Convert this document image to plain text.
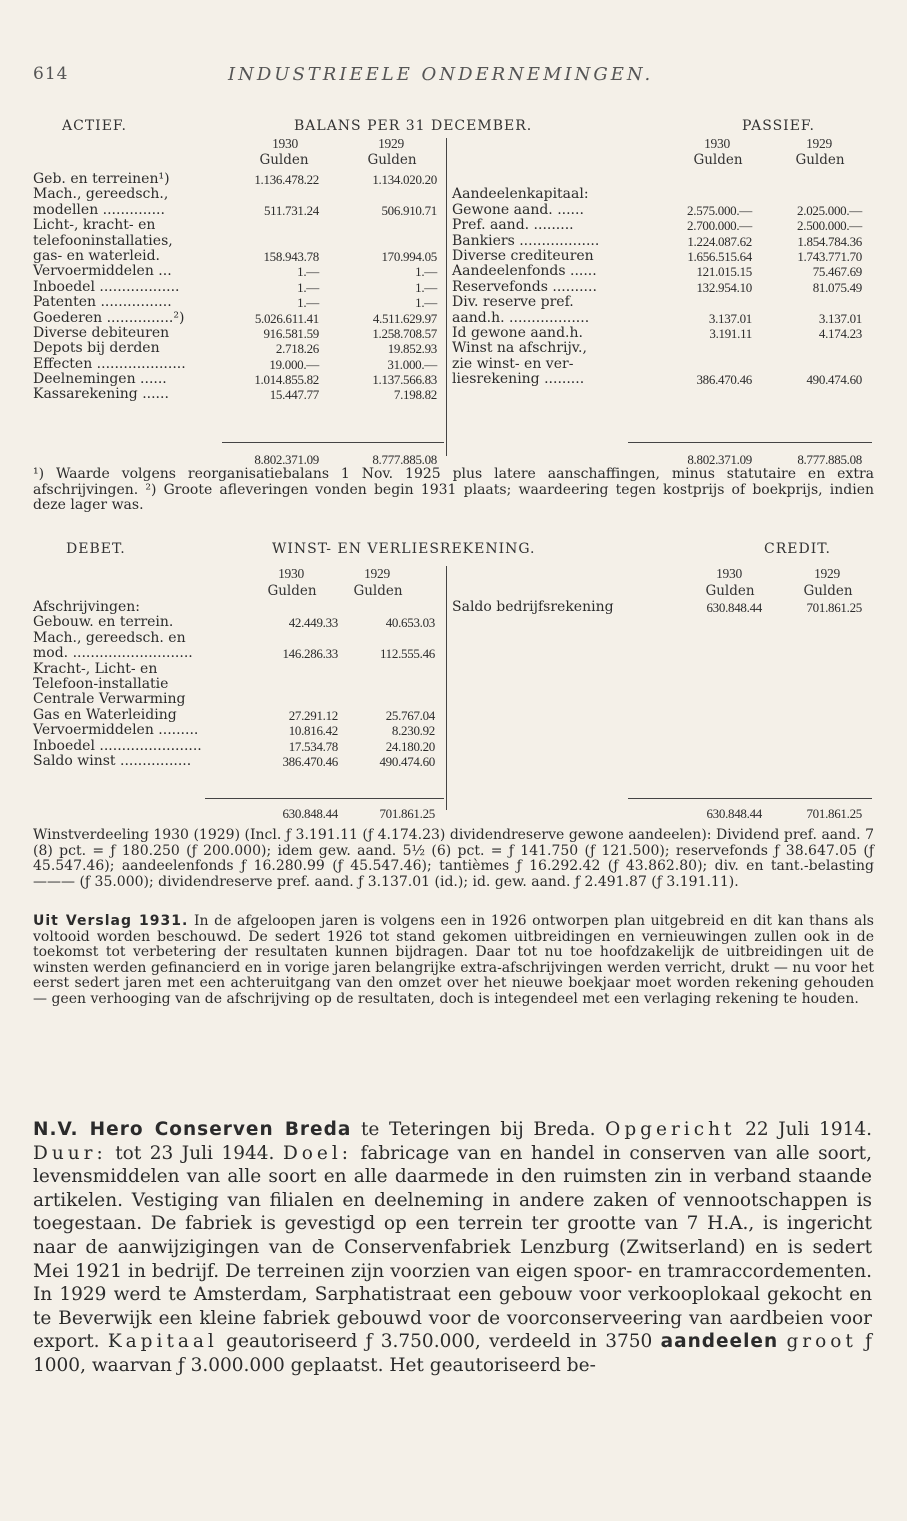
614	INDUSTRIEELE ONDERNEMINGEN.
ACTIEF.	BALANS PER 31 DECEMBER.	PASSIEF.
1930	1929
Gulden	Gulden
1930	1929
Gulden	Gulden
Geb. en terreinen¹)	1.136.478.22	1.134.020.20
Mach., gereedsch.,
modellen ..............	511.731.24	506.910.71
Licht-, kracht- en
telefooninstallaties,
gas- en waterleid.	158.943.78	170.994.05
Vervoermiddelen ...	1.—	1.—
Inboedel ..................	1.—	1.—
Patenten ................	1.—	1.—
Goederen ...............²)	5.026.611.41	4.511.629.97
Diverse debiteuren	916.581.59	1.258.708.57
Depots bij derden	2.718.26	19.852.93
Effecten ....................	19.000.—	31.000.—
Deelnemingen ......	1.014.855.82	1.137.566.83
Kassarekening ......	15.447.77	7.198.82
Aandeelenkapitaal:
Gewone aand. ......	2.575.000.—	2.025.000.—
Pref. aand. .........	2.700.000.—	2.500.000.—
Bankiers ..................	1.224.087.62	1.854.784.36
Diverse crediteuren	1.656.515.64	1.743.771.70
Aandeelenfonds ......	121.015.15	75.467.69
Reservefonds ..........	132.954.10	81.075.49
Div. reserve pref.
aand.h. ..................	3.137.01	3.137.01
Id gewone aand.h.	3.191.11	4.174.23
Winst na afschrijv.,
zie winst- en ver-
liesrekening .........	386.470.46	490.474.60
8.802.371.09	8.777.885.08	8.802.371.09	8.777.885.08
¹) Waarde volgens reorganisatiebalans 1 Nov. 1925 plus latere aanschaffingen, minus statutaire en extra afschrijvingen. ²) Groote afleveringen vonden begin 1931 plaats; waardeering tegen kostprijs of boekprijs, indien deze lager was.
DEBET.	WINST- EN VERLIESREKENING.	CREDIT.
1930	1929
Gulden	Gulden
1930	1929
Gulden	Gulden
Afschrijvingen:
Gebouw. en terrein.	42.449.33	40.653.03
Mach., gereedsch. en
mod. ...........................	146.286.33	112.555.46
Kracht-, Licht- en
Telefoon-installatie
Centrale Verwarming
Gas en Waterleiding	27.291.12	25.767.04
Vervoermiddelen .........	10.816.42	8.230.92
Inboedel .......................	17.534.78	24.180.20
Saldo winst ................	386.470.46	490.474.60
Saldo bedrijfsrekening	630.848.44	701.861.25
630.848.44	701.861.25	630.848.44	701.861.25
Winstverdeeling 1930 (1929) (Incl. ƒ 3.191.11 (ƒ 4.174.23) dividendreserve gewone aandeelen): Dividend pref. aand. 7 (8) pct. = ƒ 180.250 (ƒ 200.000); idem gew. aand. 5½ (6) pct. = ƒ 141.750 (ƒ 121.500); reservefonds ƒ 38.647.05 (ƒ 45.547.46); aandeelenfonds ƒ 16.280.99 (ƒ 45.547.46); tantièmes ƒ 16.292.42 (ƒ 43.862.80); div. en tant.-belasting ——— (ƒ 35.000); dividendreserve pref. aand. ƒ 3.137.01 (id.); id. gew. aand. ƒ 2.491.87 (ƒ 3.191.11).
Uit Verslag 1931. In de afgeloopen jaren is volgens een in 1926 ontworpen plan uitgebreid en dit kan thans als voltooid worden beschouwd. De sedert 1926 tot stand gekomen uitbreidingen en vernieuwingen zullen ook in de toekomst tot verbetering der resultaten kunnen bijdragen. Daar tot nu toe hoofdzakelijk de uitbreidingen uit de winsten werden gefinancierd en in vorige jaren belangrijke extra-afschrijvingen werden verricht, drukt — nu voor het eerst sedert jaren met een achteruitgang van den omzet over het nieuwe boekjaar moet worden rekening gehouden — geen verhooging van de afschrijving op de resultaten, doch is integendeel met een verlaging rekening te houden.
N.V. Hero Conserven Breda te Teteringen bij Breda. Opgericht 22 Juli 1914. Duur: tot 23 Juli 1944. Doel: fabricage van en handel in conserven van alle soort, levensmiddelen van alle soort en alle daarmede in den ruimsten zin in verband staande artikelen. Vestiging van filialen en deelneming in andere zaken of vennootschappen is toegestaan. De fabriek is gevestigd op een terrein ter grootte van 7 H.A., is ingericht naar de aanwijzigingen van de Conservenfabriek Lenzburg (Zwitserland) en is sedert Mei 1921 in bedrijf. De terreinen zijn voorzien van eigen spoor- en tramraccordementen. In 1929 werd te Amsterdam, Sarphatistraat een gebouw voor verkooplokaal gekocht en te Beverwijk een kleine fabriek gebouwd voor de voorconserveering van aardbeien voor export. Kapitaal geautoriseerd ƒ 3.750.000, verdeeld in 3750 aandeelen groot ƒ 1000, waarvan ƒ 3.000.000 geplaatst. Het geautoriseerd be-
